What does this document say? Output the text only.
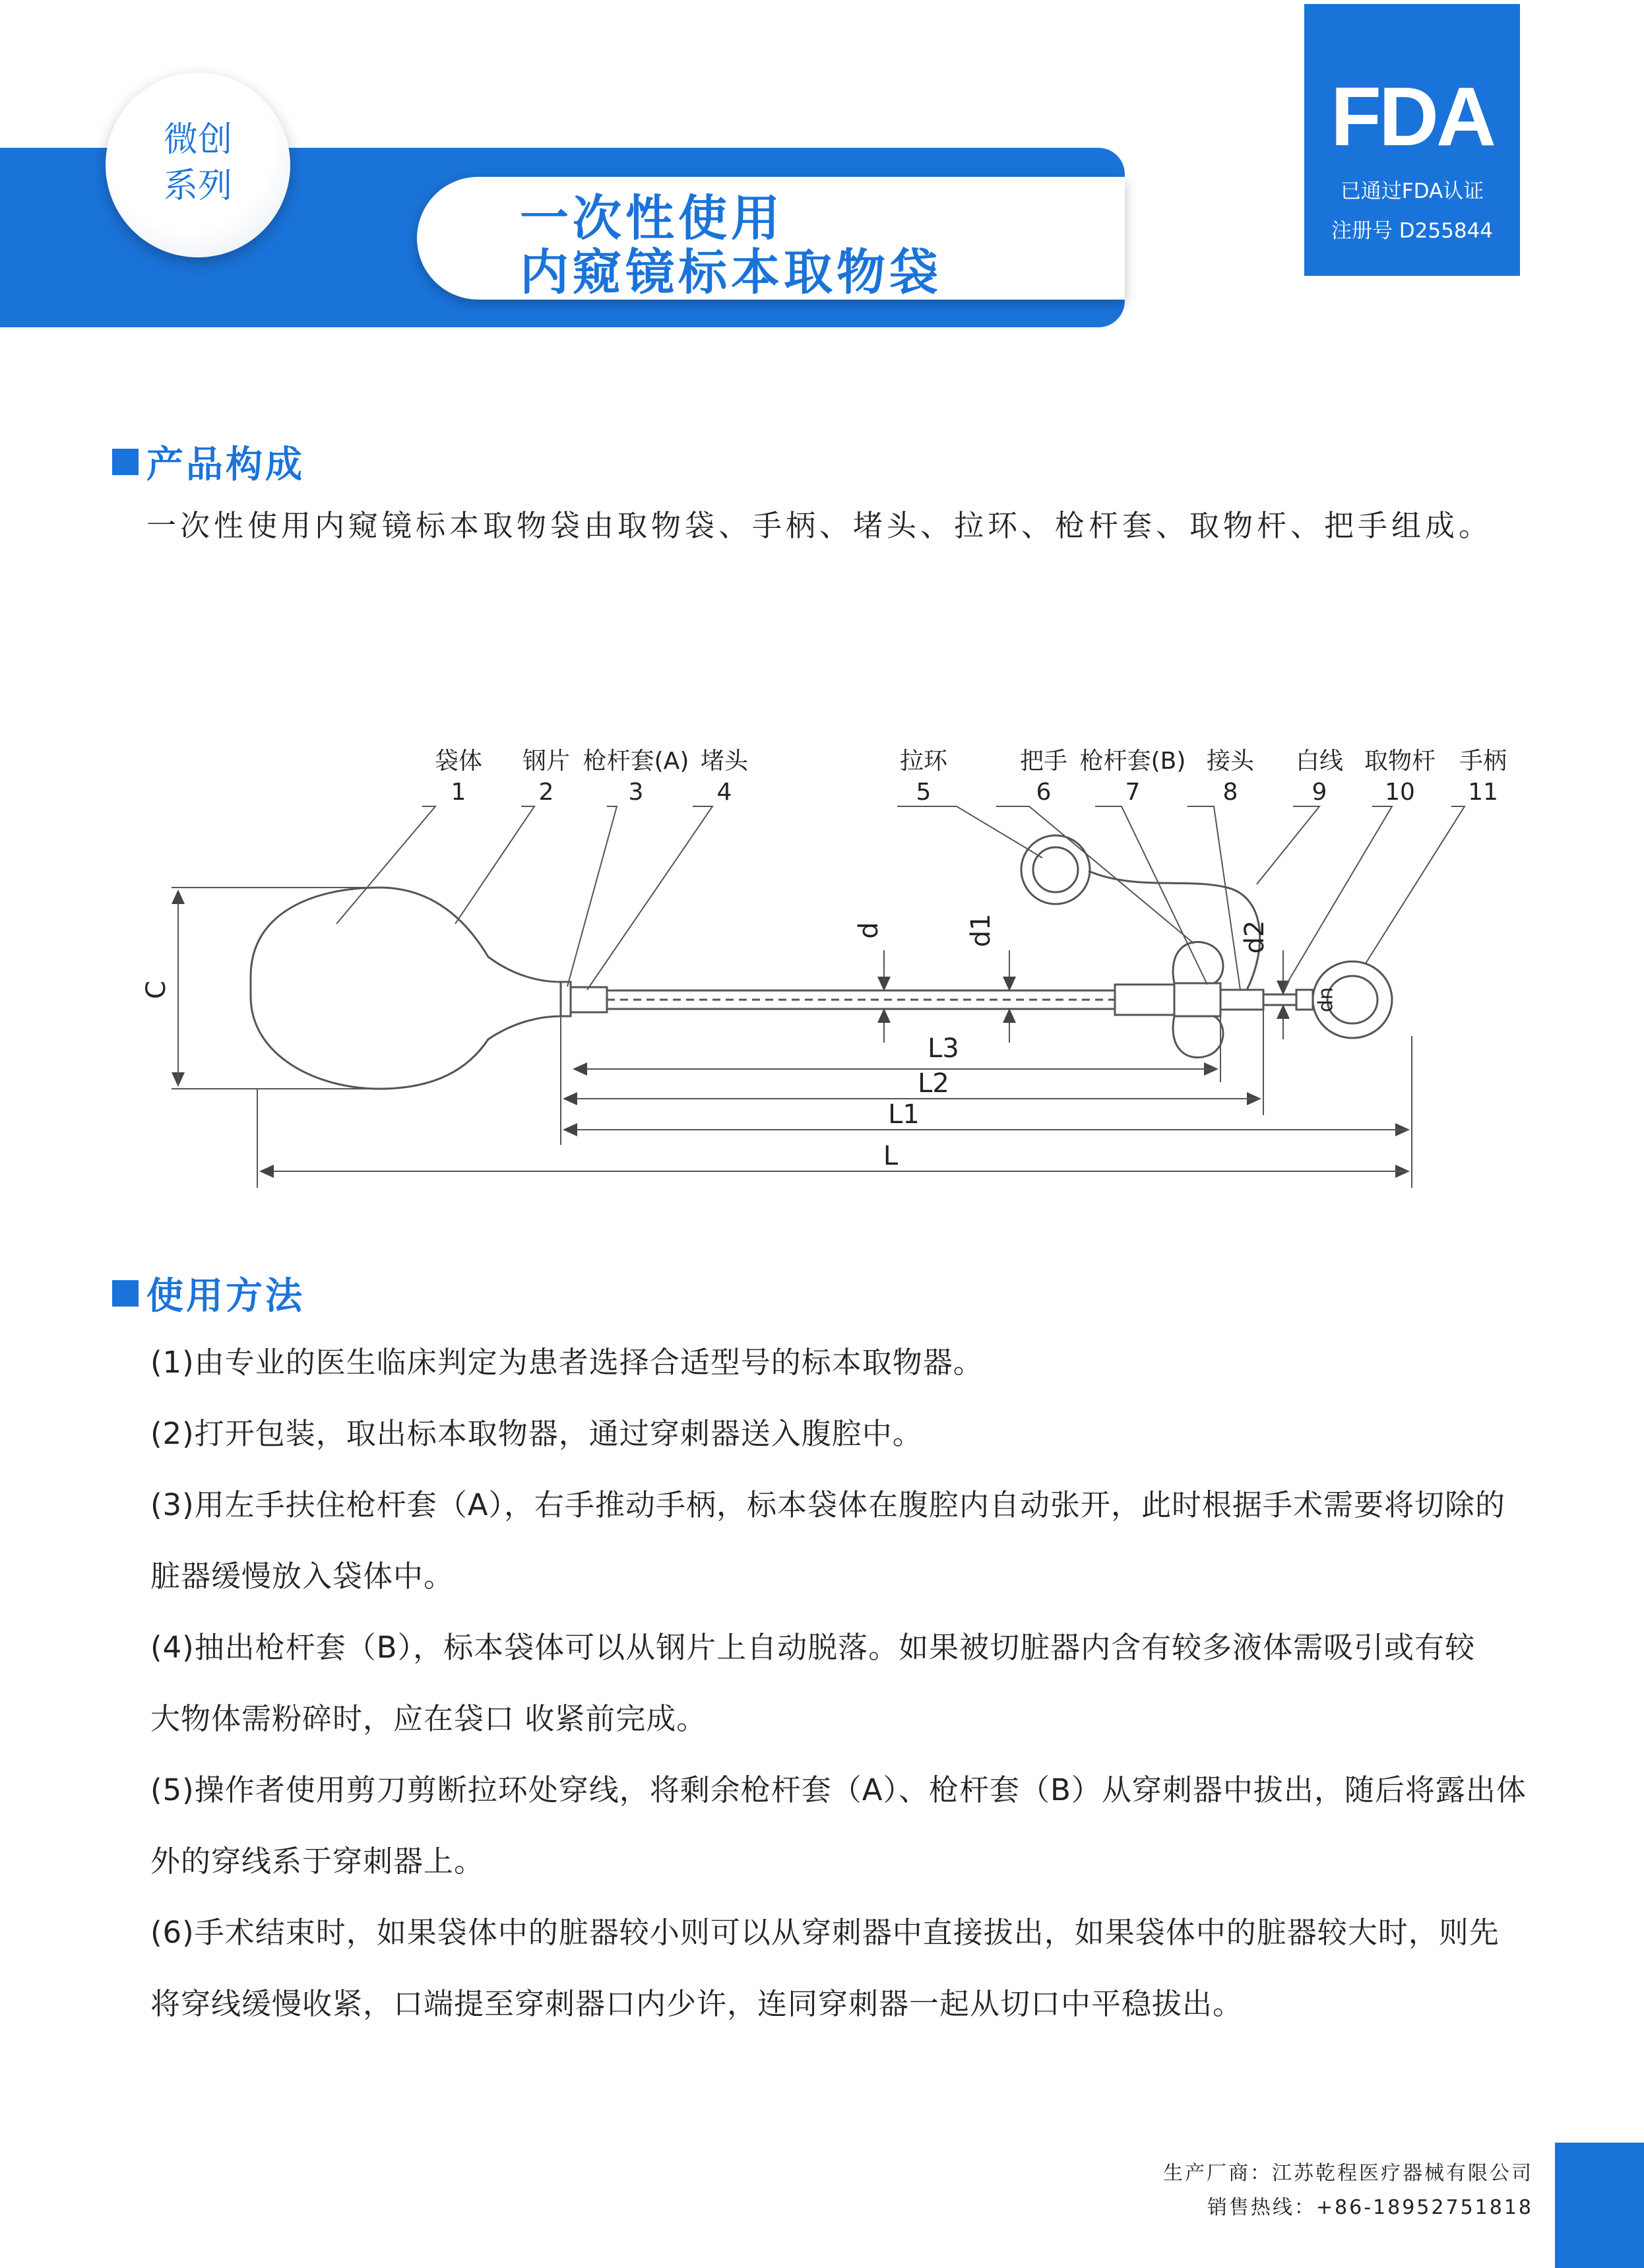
一次性使用
内窥镜标本取物袋
微创
系列
FDA
已通过FDA认证
注册号 D255844
产品构成
一次性使用内窥镜标本取物袋由取物袋、手柄、堵头、拉环、枪杆套、取物杆、把手组成。
袋体
1
钢片
2
枪杆套(A)
3
堵头
4
拉环
5
把手
6
枪杆套(B)
7
接头
8
白线
9
取物杆
10
手柄
11
C
d	d1	d2
up
L3
L2
L1
L
使用方法
(1)由专业的医生临床判定为患者选择合适型号的标本取物器。
(2)打开包装，取出标本取物器，通过穿刺器送入腹腔中。
(3)用左手扶住枪杆套（A），右手推动手柄，标本袋体在腹腔内自动张开，此时根据手术需要将切除的
脏器缓慢放入袋体中。
(4)抽出枪杆套（B），标本袋体可以从钢片上自动脱落。如果被切脏器内含有较多液体需吸引或有较
大物体需粉碎时，应在袋口 收紧前完成。
(5)操作者使用剪刀剪断拉环处穿线，将剩余枪杆套（A）、枪杆套（B）从穿刺器中拔出，随后将露出体
外的穿线系于穿刺器上。
(6)手术结束时，如果袋体中的脏器较小则可以从穿刺器中直接拔出，如果袋体中的脏器较大时，则先
将穿线缓慢收紧，口端提至穿刺器口内少许，连同穿刺器一起从切口中平稳拔出。
生产厂商：江苏乾程医疗器械有限公司
销售热线：+86-18952751818
